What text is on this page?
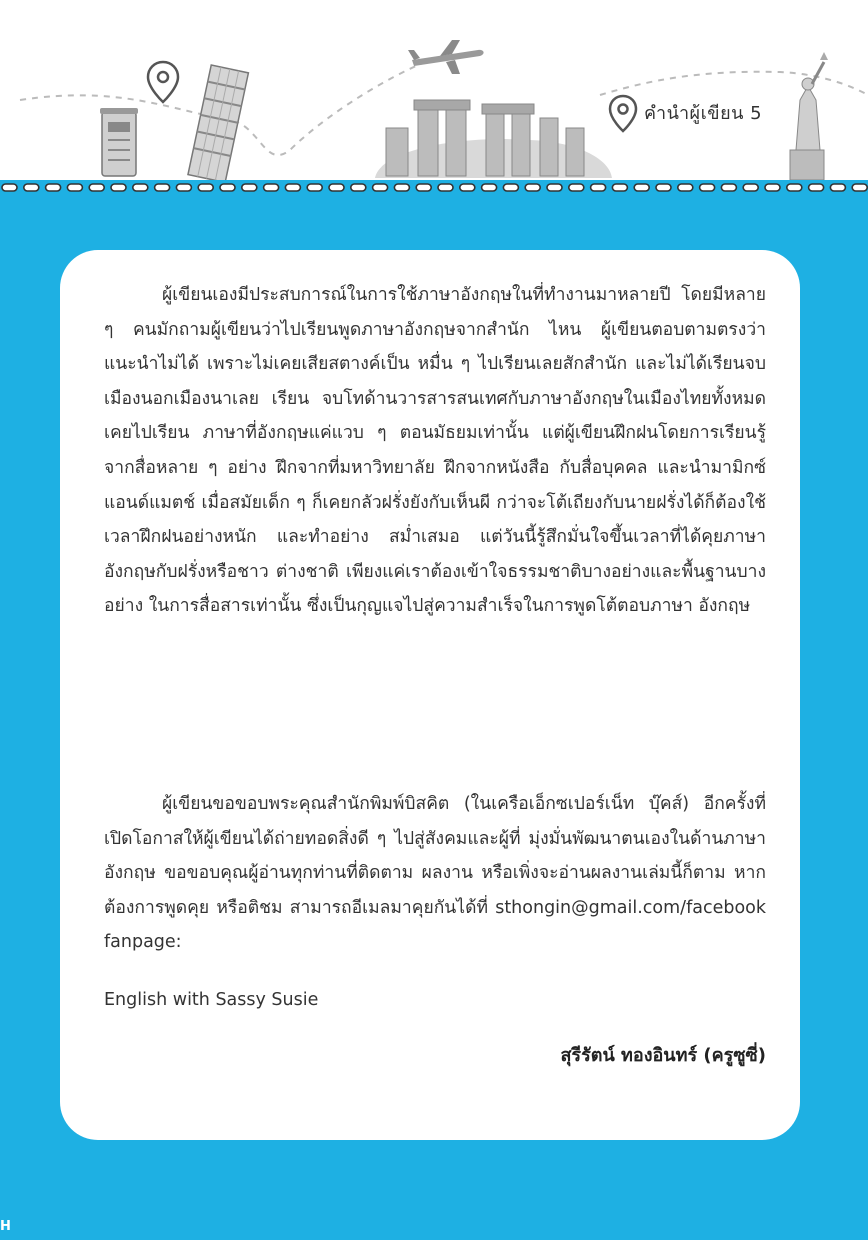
คำนำผู้เขียน 5

ผู้เขียนเองมีประสบการณ์ในการใช้ภาษาอังกฤษในที่ทำงานมาหลายปี โดยมีหลาย ๆ คนมักถามผู้เขียนว่าไปเรียนพูดภาษาอังกฤษจากสำนัก ไหน ผู้เขียนตอบตามตรงว่าแนะนำไม่ได้ เพราะไม่เคยเสียสตางค์เป็น หมื่น ๆ ไปเรียนเลยสักสำนัก และไม่ได้เรียนจบเมืองนอกเมืองนาเลย เรียน จบโทด้านวารสารสนเทศกับภาษาอังกฤษในเมืองไทยทั้งหมด เคยไปเรียน ภาษาที่อังกฤษแค่แวบ ๆ ตอนมัธยมเท่านั้น แต่ผู้เขียนฝึกฝนโดยการเรียนรู้ จากสื่อหลาย ๆ อย่าง ฝึกจากที่มหาวิทยาลัย ฝึกจากหนังสือ กับสื่อบุคคล และนำมามิกซ์แอนด์แมตช์ เมื่อสมัยเด็ก ๆ ก็เคยกลัวฝรั่งยังกับเห็นผี กว่าจะโต้เถียงกับนายฝรั่งได้ก็ต้องใช้เวลาฝึกฝนอย่างหนัก และทำอย่าง สม่ำเสมอ แต่วันนี้รู้สึกมั่นใจขึ้นเวลาที่ได้คุยภาษาอังกฤษกับฝรั่งหรือชาว ต่างชาติ เพียงแค่เราต้องเข้าใจธรรมชาติบางอย่างและพื้นฐานบางอย่าง ในการสื่อสารเท่านั้น ซึ่งเป็นกุญแจไปสู่ความสำเร็จในการพูดโต้ตอบภาษา อังกฤษ

ผู้เขียนขอขอบพระคุณสำนักพิมพ์บิสคิต (ในเครือเอ็กซเปอร์เน็ท บุ๊คส์) อีกครั้งที่เปิดโอกาสให้ผู้เขียนได้ถ่ายทอดสิ่งดี ๆ ไปสู่สังคมและผู้ที่ มุ่งมั่นพัฒนาตนเองในด้านภาษาอังกฤษ ขอขอบคุณผู้อ่านทุกท่านที่ติดตาม ผลงาน หรือเพิ่งจะอ่านผลงานเล่มนี้ก็ตาม หากต้องการพูดคุย หรือติชม สามารถอีเมลมาคุยกันได้ที่ sthongin@gmail.com/facebook fanpage:

English with Sassy Susie
สุรีรัตน์ ทองอินทร์ (ครูซูซี่)
H
